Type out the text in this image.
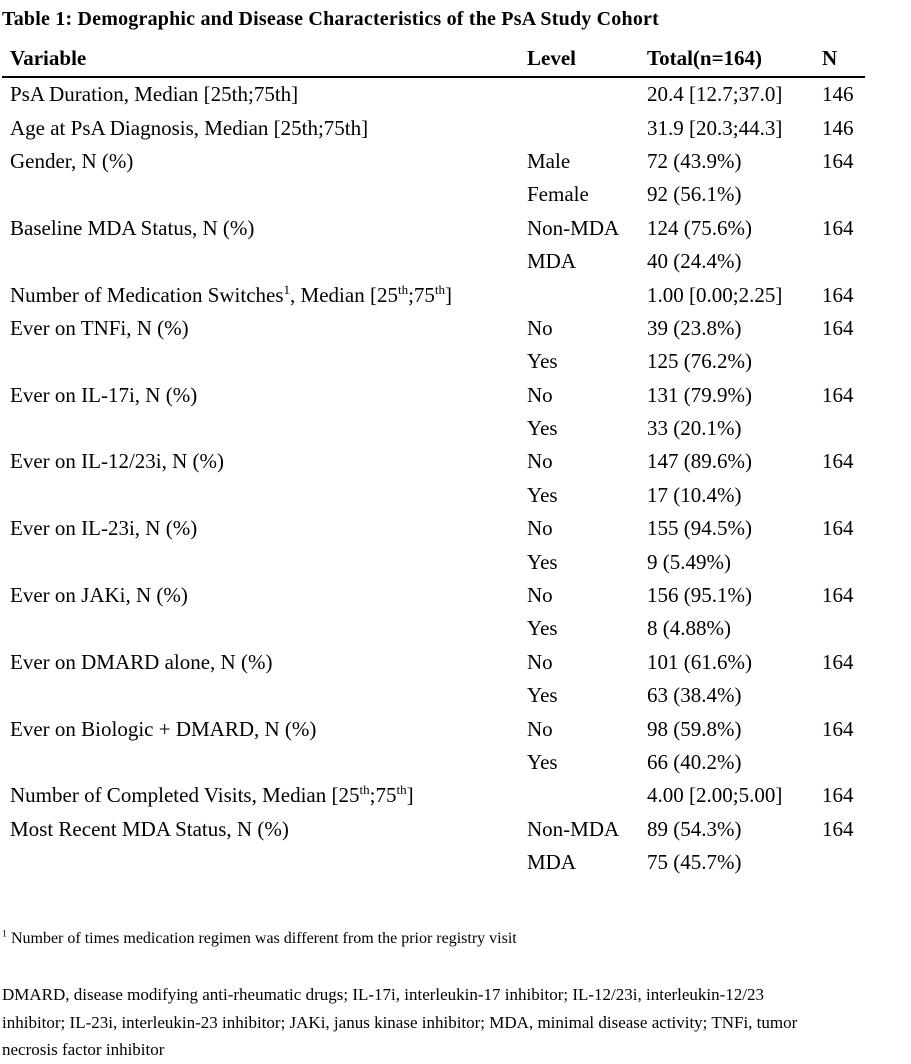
Table 1: Demographic and Disease Characteristics of the PsA Study Cohort
Variable	Level	Total(n=164)	N
PsA Duration, Median [25th;75th]		20.4 [12.7;37.0]	146
Age at PsA Diagnosis, Median [25th;75th]		31.9 [20.3;44.3]	146
Gender, N (%)	Male	72 (43.9%)	164
	Female	92 (56.1%)	
Baseline MDA Status, N (%)	Non-MDA	124 (75.6%)	164
	MDA	40 (24.4%)	
Number of Medication Switches$^1$, Median [25th;75th]		1.00 [0.00;2.25]	164
Ever on TNFi, N (%)	No	39 (23.8%)	164
	Yes	125 (76.2%)	
Ever on IL-17i, N (%)	No	131 (79.9%)	164
	Yes	33 (20.1%)	
Ever on IL-12/23i, N (%)	No	147 (89.6%)	164
	Yes	17 (10.4%)	
Ever on IL-23i, N (%)	No	155 (94.5%)	164
	Yes	9 (5.49%)	
Ever on JAKi, N (%)	No	156 (95.1%)	164
	Yes	8 (4.88%)	
Ever on DMARD alone, N (%)	No	101 (61.6%)	164
	Yes	63 (38.4%)	
Ever on Biologic + DMARD, N (%)	No	98 (59.8%)	164
	Yes	66 (40.2%)	
Number of Completed Visits, Median [25th;75th]		4.00 [2.00;5.00]	164
Most Recent MDA Status, N (%)	Non-MDA	89 (54.3%)	164
	MDA	75 (45.7%)	
$^1$ Number of times medication regimen was different from the prior registry visit
DMARD, disease modifying anti-rheumatic drugs; IL-17i, interleukin-17 inhibitor; IL-12/23i, interleukin-12/23
inhibitor; IL-23i, interleukin-23 inhibitor; JAKi, janus kinase inhibitor; MDA, minimal disease activity; TNFi, tumor
necrosis factor inhibitor
